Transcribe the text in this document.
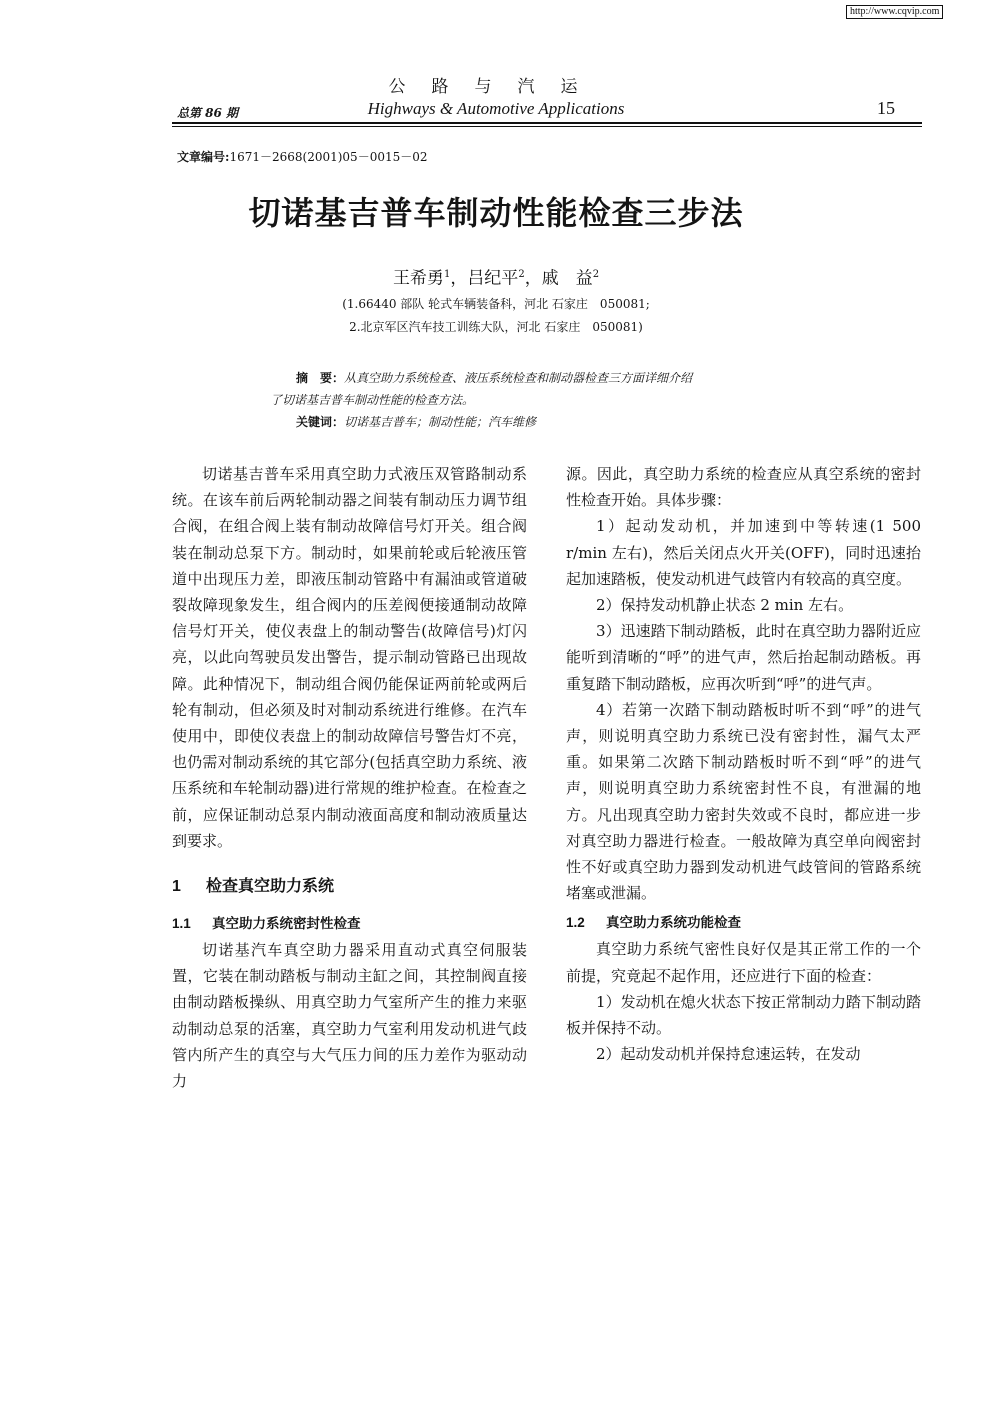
http://www.cqvip.com
公路与汽运
Highways & Automotive Applications
总第 86 期	15
文章编号:1671－2668(2001)05－0015－02
切诺基吉普车制动性能检查三步法
王希勇$^1$，吕纪平$^2$，戚　益$^2$
(1.66440 部队 轮式车辆装备科，河北 石家庄　050081;
2.北京军区汽车技工训练大队，河北 石家庄　050081)
摘　要：从真空助力系统检查、液压系统检查和制动器检查三方面详细介绍
了切诺基吉普车制动性能的检查方法。
关键词：切诺基吉普车；制动性能；汽车维修

切诺基吉普车采用真空助力式液压双管路制动系统。在该车前后两轮制动器之间装有制动压力调节组合阀，在组合阀上装有制动故障信号灯开关。组合阀装在制动总泵下方。制动时，如果前轮或后轮液压管道中出现压力差，即液压制动管路中有漏油或管道破裂故障现象发生，组合阀内的压差阀便接通制动故障信号灯开关，使仪表盘上的制动警告(故障信号)灯闪亮，以此向驾驶员发出警告，提示制动管路已出现故障。此种情况下，制动组合阀仍能保证两前轮或两后轮有制动，但必须及时对制动系统进行维修。在汽车使用中，即使仪表盘上的制动故障信号警告灯不亮，也仍需对制动系统的其它部分(包括真空助力系统、液压系统和车轮制动器)进行常规的维护检查。在检查之前，应保证制动总泵内制动液面高度和制动液质量达到要求。

1 检查真空助力系统
1.1 真空助力系统密封性检查

切诺基汽车真空助力器采用直动式真空伺服装置，它装在制动踏板与制动主缸之间，其控制阀直接由制动踏板操纵、用真空助力气室所产生的推力来驱动制动总泵的活塞，真空助力气室利用发动机进气歧管内所产生的真空与大气压力间的压力差作为驱动动力

源。因此，真空助力系统的检查应从真空系统的密封性检查开始。具体步骤：

1）起动发动机，并加速到中等转速(1 500 r/min 左右)，然后关闭点火开关(OFF)，同时迅速抬起加速踏板，使发动机进气歧管内有较高的真空度。

2）保持发动机静止状态 2 min 左右。

3）迅速踏下制动踏板，此时在真空助力器附近应能听到清晰的“呼”的进气声，然后抬起制动踏板。再重复踏下制动踏板，应再次听到“呼”的进气声。

4）若第一次踏下制动踏板时听不到“呼”的进气声，则说明真空助力系统已没有密封性，漏气太严重。如果第二次踏下制动踏板时听不到“呼”的进气声，则说明真空助力系统密封性不良，有泄漏的地方。凡出现真空助力密封失效或不良时，都应进一步对真空助力器进行检查。一般故障为真空单向阀密封性不好或真空助力器到发动机进气歧管间的管路系统堵塞或泄漏。

1.2 真空助力系统功能检查

真空助力系统气密性良好仅是其正常工作的一个前提，究竟起不起作用，还应进行下面的检查：

1）发动机在熄火状态下按正常制动力踏下制动踏板并保持不动。

2）起动发动机并保持怠速运转，在发动
